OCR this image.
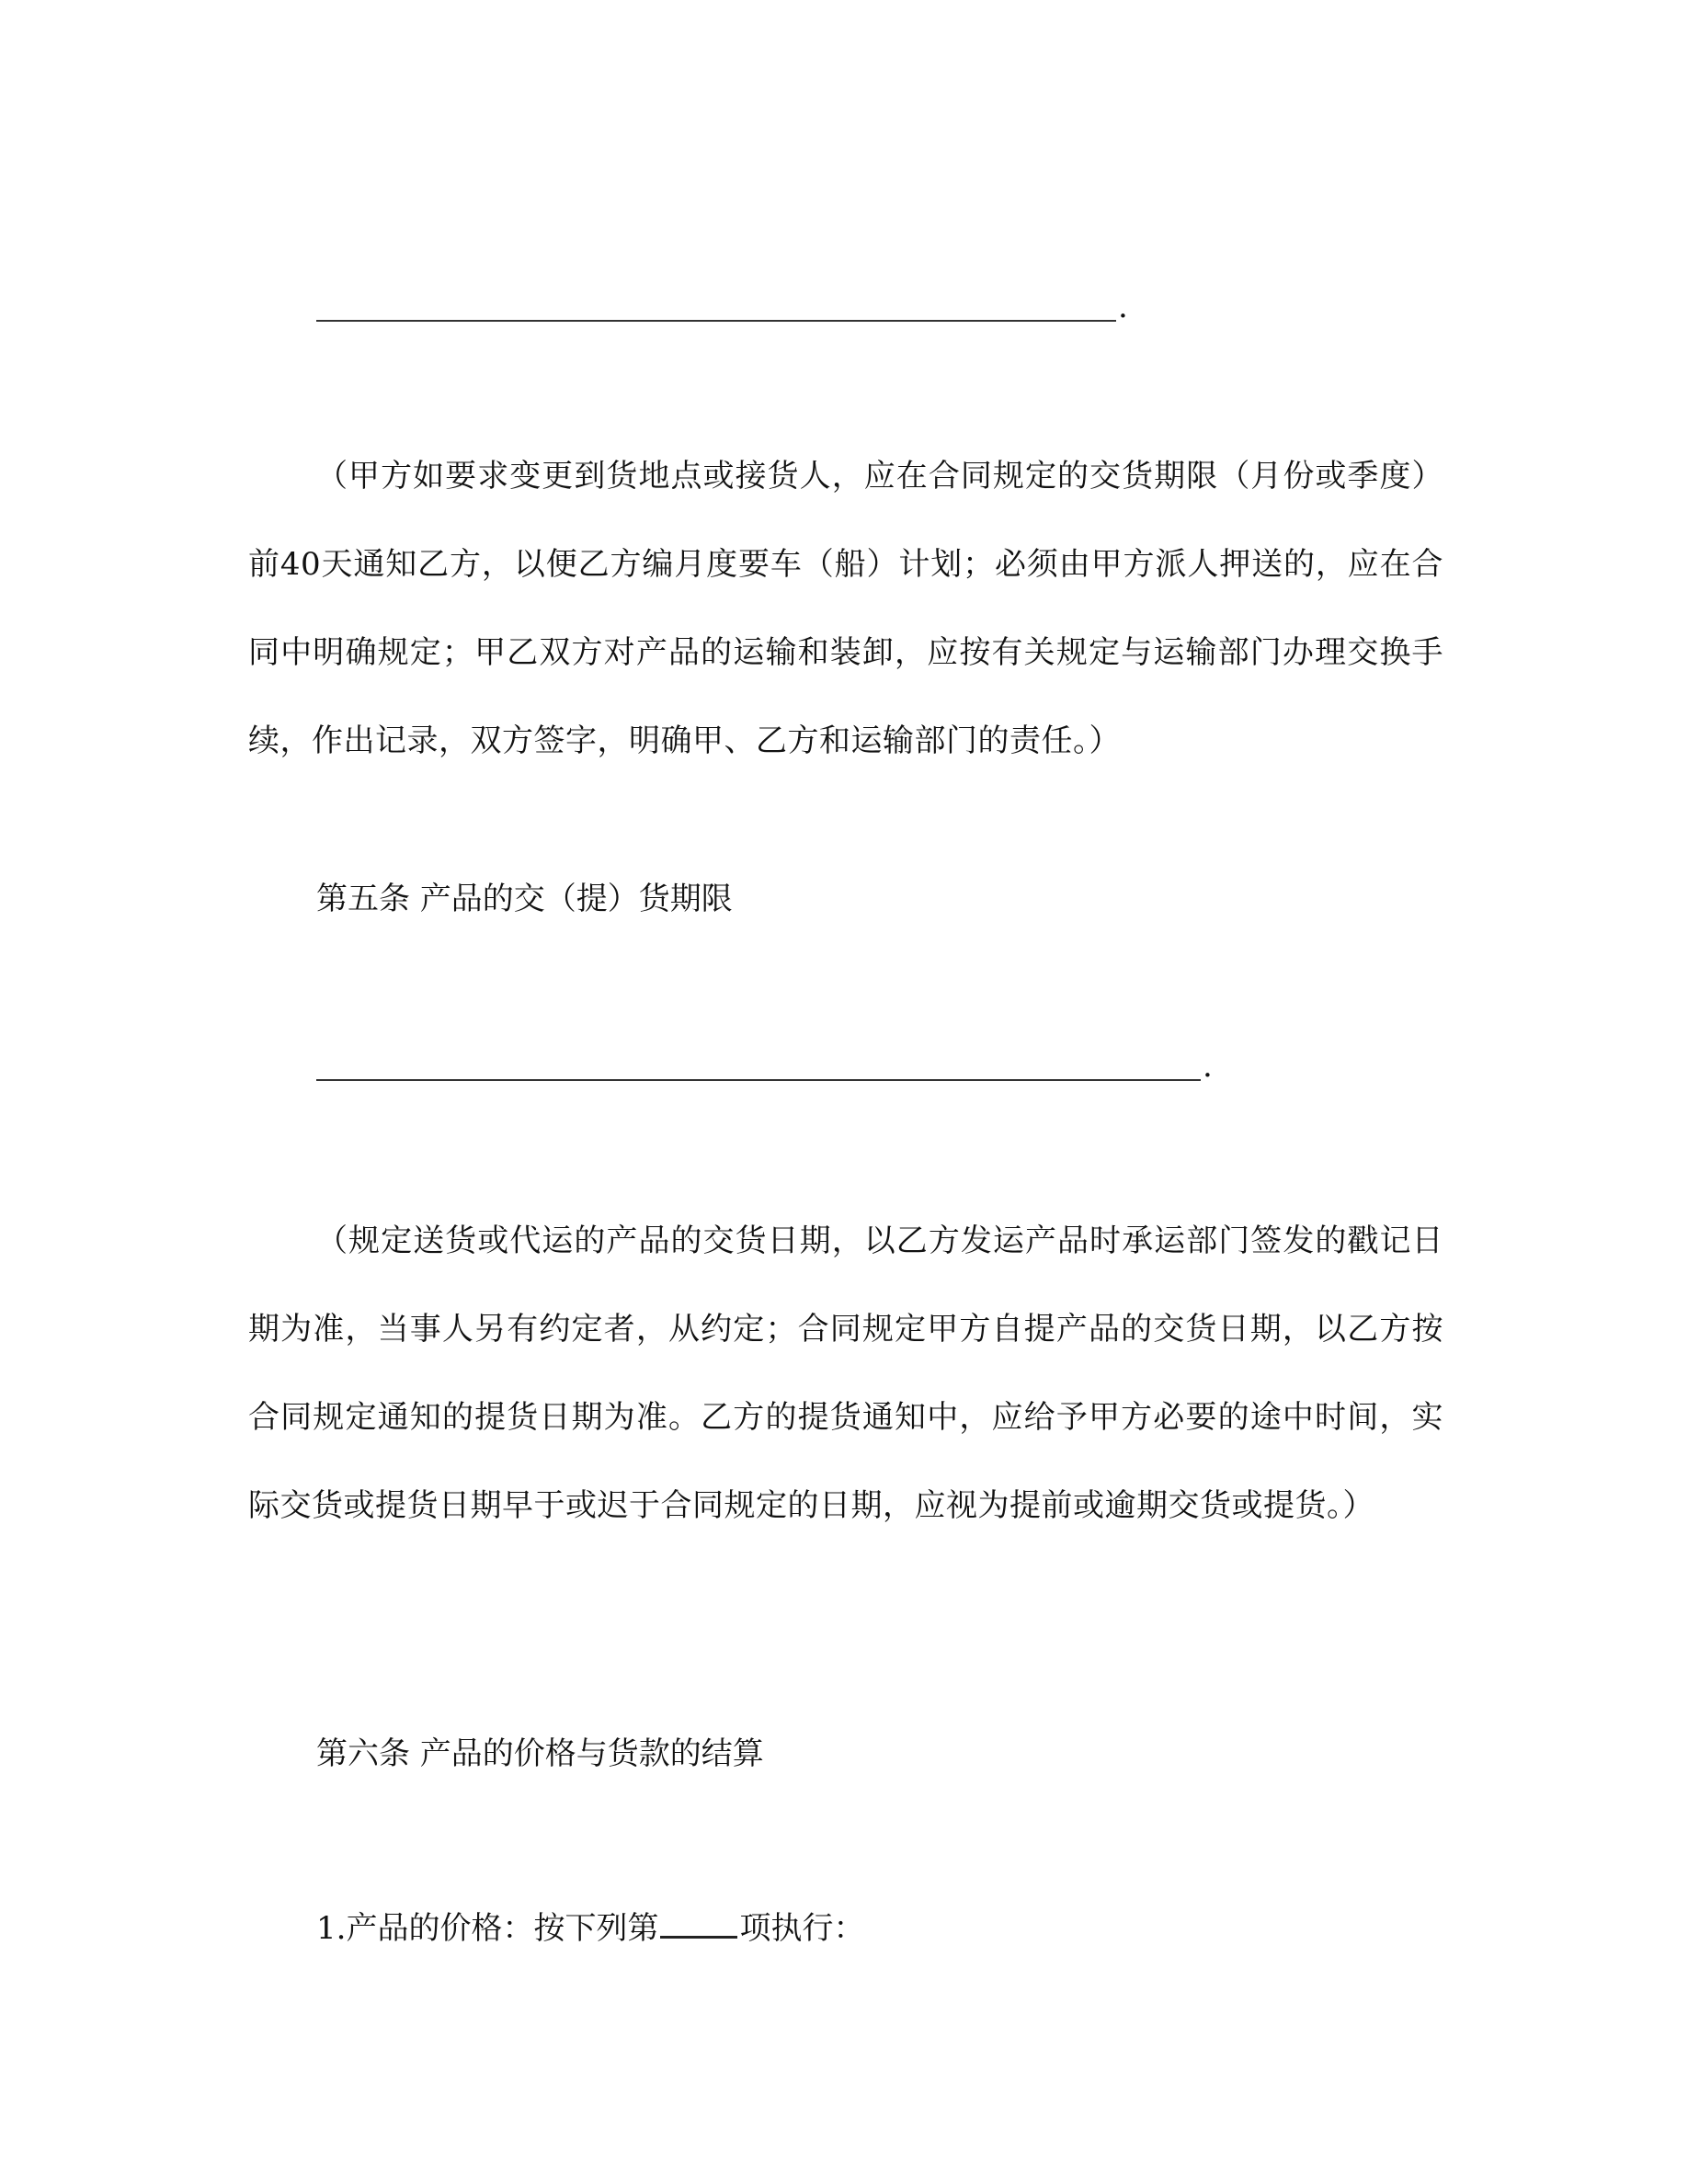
.

（甲方如要求变更到货地点或接货人，应在合同规定的交货期限（月份或季度）前40天通知乙方，以便乙方编月度要车（船）计划；必须由甲方派人押送的，应在合同中明确规定；甲乙双方对产品的运输和装卸，应按有关规定与运输部门办理交换手续，作出记录，双方签字，明确甲、乙方和运输部门的责任。）

第五条 产品的交（提）货期限

.

（规定送货或代运的产品的交货日期，以乙方发运产品时承运部门签发的戳记日期为准，当事人另有约定者，从约定；合同规定甲方自提产品的交货日期，以乙方按合同规定通知的提货日期为准。乙方的提货通知中，应给予甲方必要的途中时间，实际交货或提货日期早于或迟于合同规定的日期，应视为提前或逾期交货或提货。）

第六条 产品的价格与货款的结算

1.产品的价格：按下列第	项执行：
